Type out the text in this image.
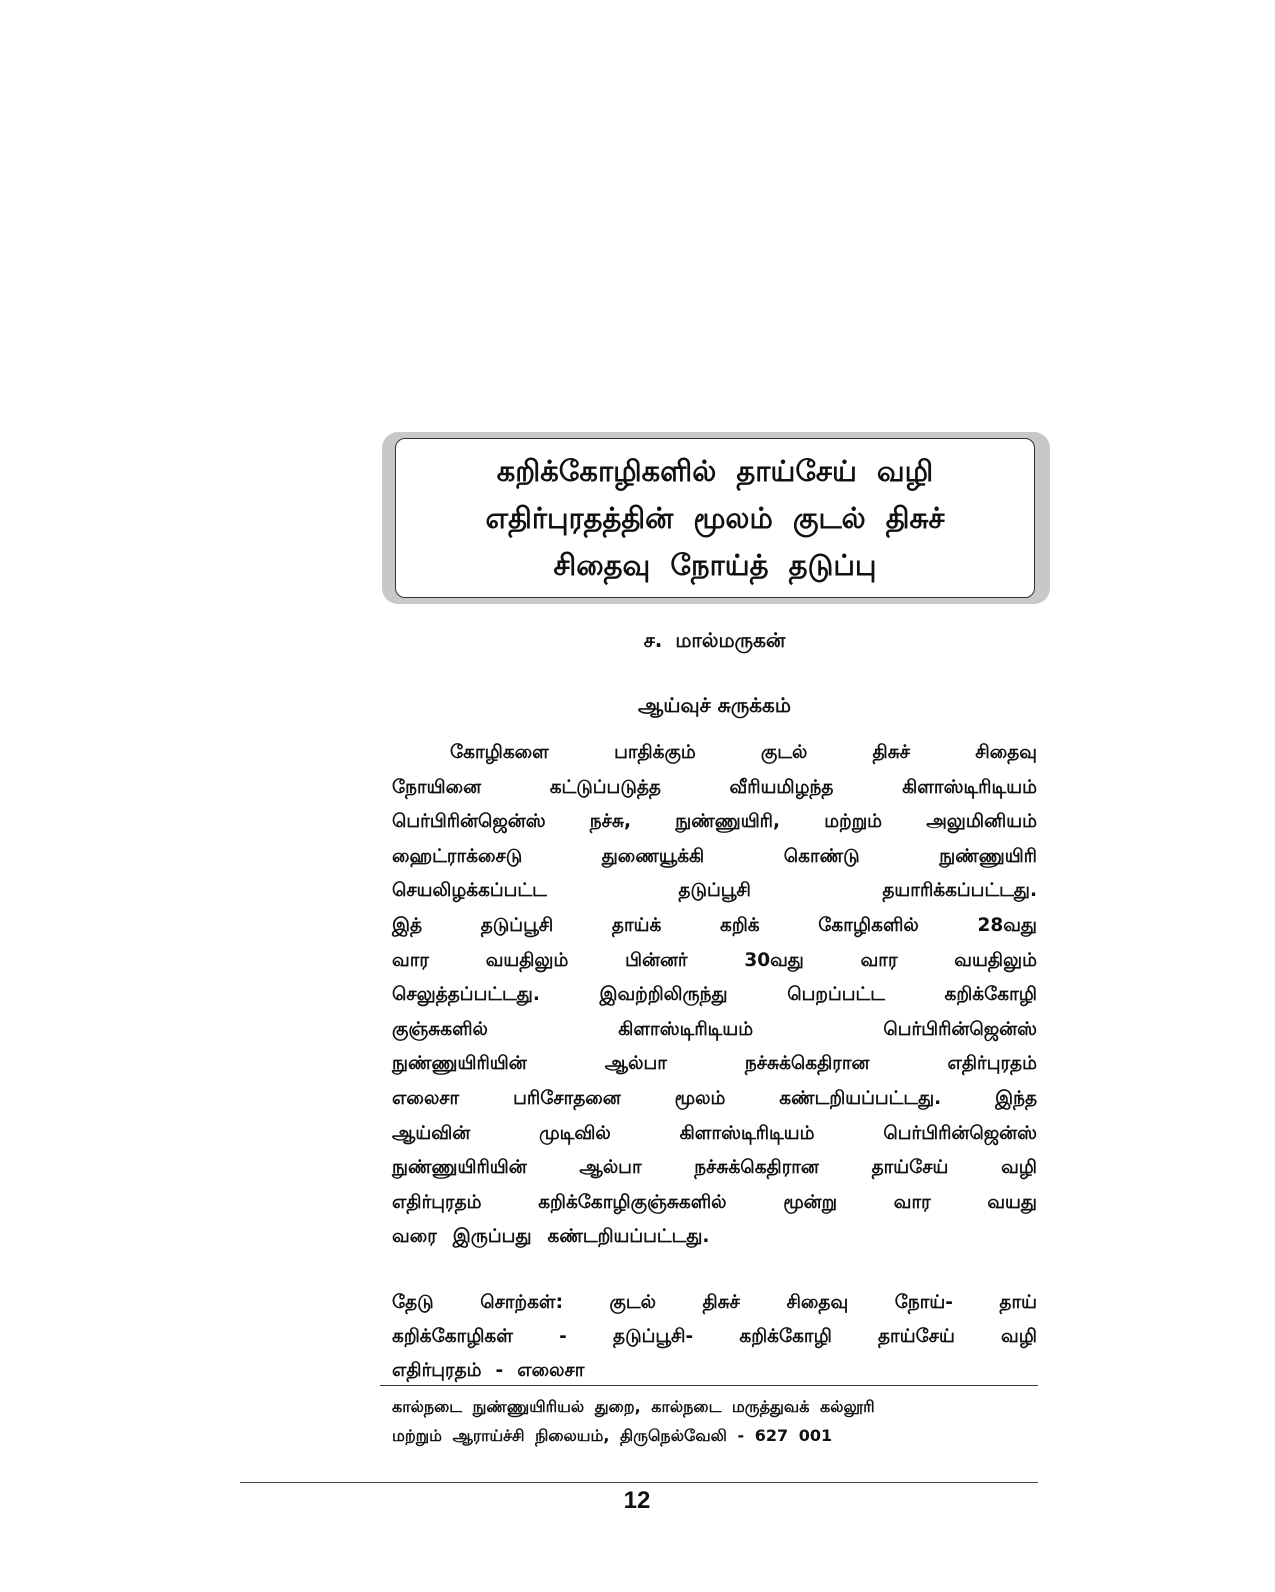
கறிக்கோழிகளில் தாய்சேய் வழி
எதிர்புரதத்தின் மூலம் குடல் திசுச்
சிதைவு நோய்த் தடுப்பு
ச. மால்மருகன்
ஆய்வுச் சுருக்கம்
கோழிகளை	பாதிக்கும்	குடல்	திசுச்	சிதைவு
நோயினை	கட்டுப்படுத்த	வீரியமிழந்த	கிளாஸ்டிரிடியம்
பெர்பிரின்ஜென்ஸ் நச்சு, நுண்ணுயிரி, மற்றும் அலுமினியம்
ஹைட்ராக்சைடு	துணையூக்கி	கொண்டு	நுண்ணுயிரி
செயலிழக்கப்பட்ட	தடுப்பூசி	தயாரிக்கப்பட்டது.
இத்	தடுப்பூசி	தாய்க்	கறிக்	கோழிகளில்	28வது
வார	வயதிலும்	பின்னர்	30வது	வார	வயதிலும்
செலுத்தப்பட்டது.	இவற்றிலிருந்து	பெறப்பட்ட	கறிக்கோழி
குஞ்சுகளில்	கிளாஸ்டிரிடியம்	பெர்பிரின்ஜென்ஸ்
நுண்ணுயிரியின்	ஆல்பா	நச்சுக்கெதிரான	எதிர்புரதம்
எலைசா	பரிசோதனை	மூலம்	கண்டறியப்பட்டது.	இந்த
ஆய்வின்	முடிவில்	கிளாஸ்டிரிடியம்	பெர்பிரின்ஜென்ஸ்
நுண்ணுயிரியின்	ஆல்பா	நச்சுக்கெதிரான	தாய்சேய்	வழி
எதிர்புரதம்	கறிக்கோழிகுஞ்சுகளில்	மூன்று	வார	வயது
வரை இருப்பது கண்டறியப்பட்டது.
தேடு	சொற்கள்:	குடல்	திசுச்	சிதைவு	நோய்-	தாய்
கறிக்கோழிகள் - தடுப்பூசி- கறிக்கோழி தாய்சேய் வழி
எதிர்புரதம் - எலைசா
கால்நடை நுண்ணுயிரியல் துறை, கால்நடை மருத்துவக் கல்லூரி
மற்றும் ஆராய்ச்சி நிலையம், திருநெல்வேலி - 627 001
12
